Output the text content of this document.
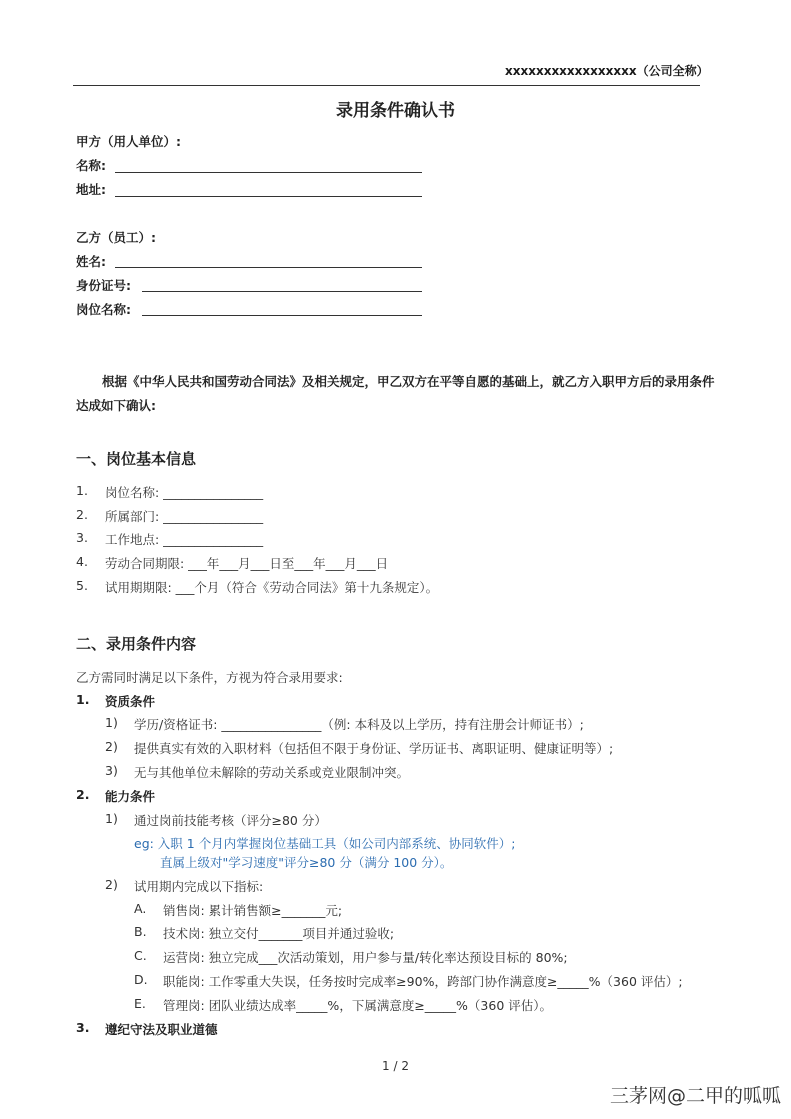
xxxxxxxxxxxxxxxxx（公司全称）
录用条件确认书
甲方（用人单位）:
名称:
地址:
乙方（员工）:
姓名:
身份证号:
岗位名称:
根据《中华人民共和国劳动合同法》及相关规定，甲乙双方在平等自愿的基础上，就乙方入职甲方后的录用条件达成如下确认:
一、岗位基本信息
1. 岗位名称: ________________
2. 所属部门: ________________
3. 工作地点: ________________
4. 劳动合同期限: ___年___月___日至___年___月___日
5. 试用期期限: ___个月（符合《劳动合同法》第十九条规定）。
二、录用条件内容
乙方需同时满足以下条件，方视为符合录用要求:
1. 资质条件
1) 学历/资格证书: ________________（例: 本科及以上学历，持有注册会计师证书）;
2) 提供真实有效的入职材料（包括但不限于身份证、学历证书、离职证明、健康证明等）;
3) 无与其他单位未解除的劳动关系或竞业限制冲突。
2. 能力条件
1) 通过岗前技能考核（评分≥80 分）
eg: 入职 1 个月内掌握岗位基础工具（如公司内部系统、协同软件）;
直属上级对"学习速度"评分≥80 分（满分 100 分）。
2) 试用期内完成以下指标:
A. 销售岗: 累计销售额≥_______元;
B. 技术岗: 独立交付_______项目并通过验收;
C. 运营岗: 独立完成___次活动策划，用户参与量/转化率达预设目标的 80%;
D. 职能岗: 工作零重大失误，任务按时完成率≥90%，跨部门协作满意度≥_____%（360 评估）;
E. 管理岗: 团队业绩达成率_____%，下属满意度≥_____%（360 评估）。
3. 遵纪守法及职业道德
1 / 2
三茅网@二甲的呱呱
